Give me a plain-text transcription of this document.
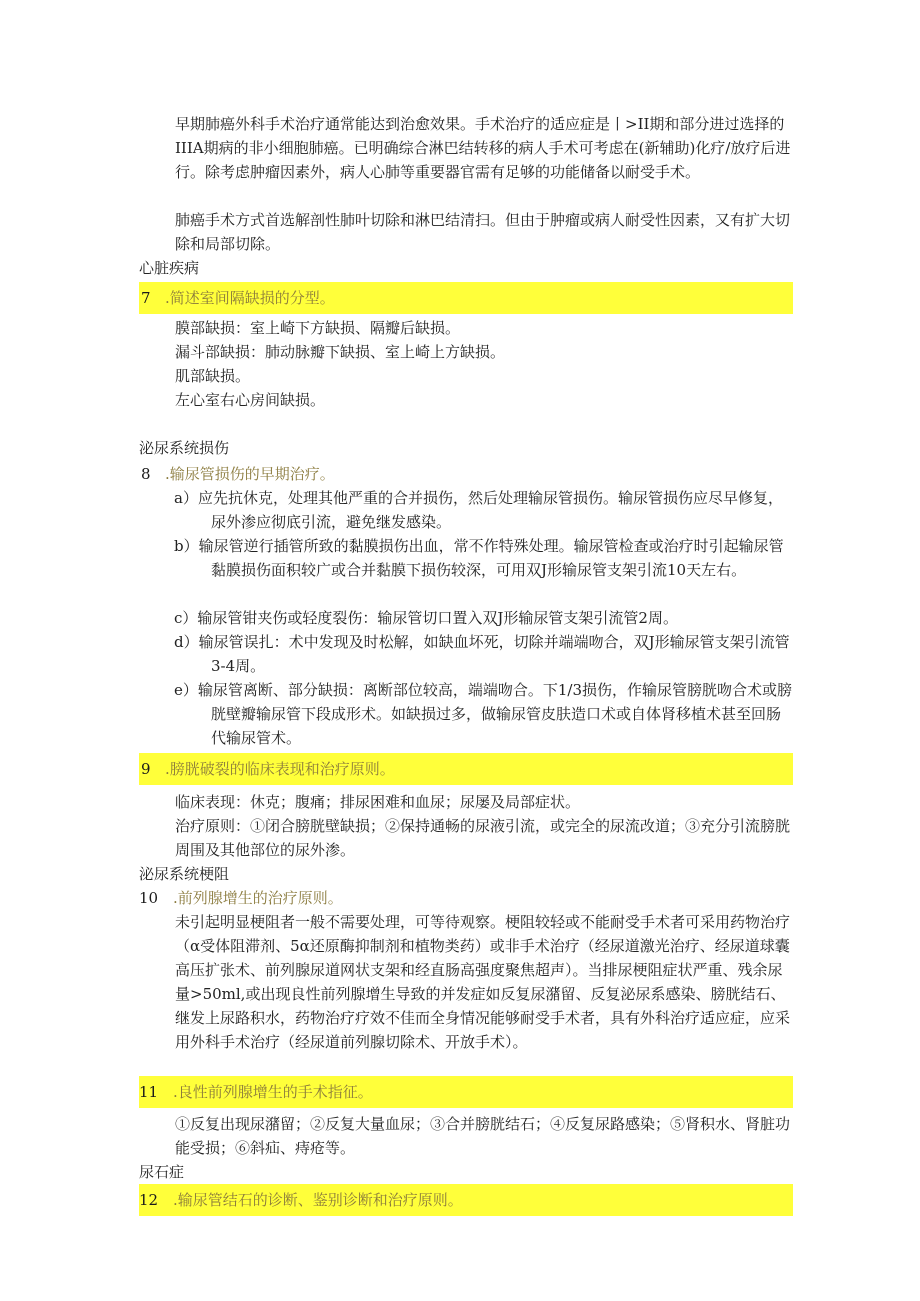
早期肺癌外科手术治疗通常能达到治愈效果。手术治疗的适应症是丨>II期和部分进过选择的IIIA期病的非小细胞肺癌。已明确综合淋巴结转移的病人手术可考虑在(新辅助)化疗/放疗后进行。除考虑肿瘤因素外，病人心肺等重要器官需有足够的功能储备以耐受手术。
肺癌手术方式首选解剖性肺叶切除和淋巴结清扫。但由于肿瘤或病人耐受性因素，又有扩大切除和局部切除。
心脏疾病
7 .简述室间隔缺损的分型。
膜部缺损：室上崎下方缺损、隔瓣后缺损。
漏斗部缺损：肺动脉瓣下缺损、室上崎上方缺损。
肌部缺损。
左心室右心房间缺损。
泌尿系统损伤
8 .输尿管损伤的早期治疗。
a）应先抗休克，处理其他严重的合并损伤，然后处理输尿管损伤。输尿管损伤应尽早修复，尿外渗应彻底引流，避免继发感染。
b）输尿管逆行插管所致的黏膜损伤出血，常不作特殊处理。输尿管检查或治疗时引起输尿管黏膜损伤面积较广或合并黏膜下损伤较深，可用双J形输尿管支架引流10天左右。
c）输尿管钳夹伤或轻度裂伤：输尿管切口置入双J形输尿管支架引流管2周。
d）输尿管误扎：术中发现及时松解，如缺血坏死，切除并端端吻合，双J形输尿管支架引流管3-4周。
e）输尿管离断、部分缺损：离断部位较高，端端吻合。下1/3损伤，作输尿管膀胱吻合术或膀胱壁瓣输尿管下段成形术。如缺损过多，做输尿管皮肤造口术或自体肾移植术甚至回肠代输尿管术。
9 .膀胱破裂的临床表现和治疗原则。
临床表现：休克；腹痛；排尿困难和血尿；尿屡及局部症状。
治疗原则：①闭合膀胱壁缺损；②保持通畅的尿液引流，或完全的尿流改道；③充分引流膀胱周围及其他部位的尿外渗。
泌尿系统梗阻
10 .前列腺增生的治疗原则。
未引起明显梗阻者一般不需要处理，可等待观察。梗阻较轻或不能耐受手术者可采用药物治疗（α受体阻滞剂、5α还原酶抑制剂和植物类药）或非手术治疗（经尿道激光治疗、经尿道球囊高压扩张术、前列腺尿道网状支架和经直肠高强度聚焦超声）。当排尿梗阻症状严重、残余尿量>50ml,或出现良性前列腺增生导致的并发症如反复尿潴留、反复泌尿系感染、膀胱结石、继发上尿路积水，药物治疗疗效不佳而全身情况能够耐受手术者，具有外科治疗适应症，应采用外科手术治疗（经尿道前列腺切除术、开放手术）。
11 .良性前列腺增生的手术指征。
①反复出现尿潴留；②反复大量血尿；③合并膀胱结石；④反复尿路感染；⑤肾积水、肾脏功能受损；⑥斜疝、痔疮等。
尿石症
12 .输尿管结石的诊断、鉴别诊断和治疗原则。
